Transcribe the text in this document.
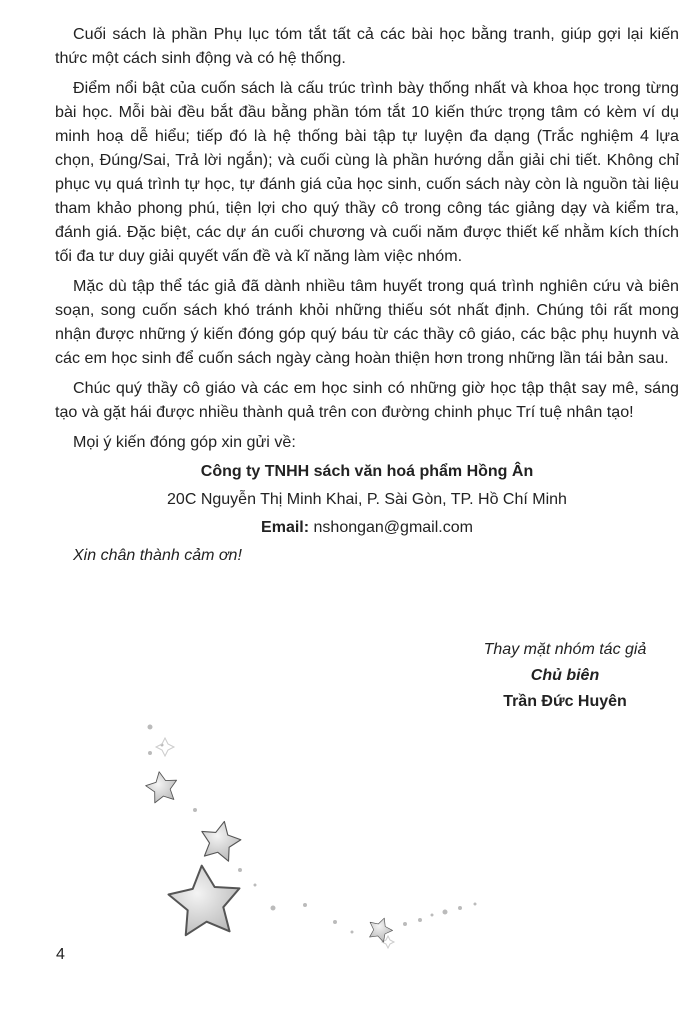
Cuối sách là phần Phụ lục tóm tắt tất cả các bài học bằng tranh, giúp gợi lại kiến thức một cách sinh động và có hệ thống.

Điểm nổi bật của cuốn sách là cấu trúc trình bày thống nhất và khoa học trong từng bài học. Mỗi bài đều bắt đầu bằng phần tóm tắt 10 kiến thức trọng tâm có kèm ví dụ minh hoạ dễ hiểu; tiếp đó là hệ thống bài tập tự luyện đa dạng (Trắc nghiệm 4 lựa chọn, Đúng/Sai, Trả lời ngắn); và cuối cùng là phần hướng dẫn giải chi tiết. Không chỉ phục vụ quá trình tự học, tự đánh giá của học sinh, cuốn sách này còn là nguồn tài liệu tham khảo phong phú, tiện lợi cho quý thầy cô trong công tác giảng dạy và kiểm tra, đánh giá. Đặc biệt, các dự án cuối chương và cuối năm được thiết kế nhằm kích thích tối đa tư duy giải quyết vấn đề và kĩ năng làm việc nhóm.

Mặc dù tập thể tác giả đã dành nhiều tâm huyết trong quá trình nghiên cứu và biên soạn, song cuốn sách khó tránh khỏi những thiếu sót nhất định. Chúng tôi rất mong nhận được những ý kiến đóng góp quý báu từ các thầy cô giáo, các bậc phụ huynh và các em học sinh để cuốn sách ngày càng hoàn thiện hơn trong những lần tái bản sau.

Chúc quý thầy cô giáo và các em học sinh có những giờ học tập thật say mê, sáng tạo và gặt hái được nhiều thành quả trên con đường chinh phục Trí tuệ nhân tạo!

Mọi ý kiến đóng góp xin gửi về:

Công ty TNHH sách văn hoá phẩm Hồng Ân
20C Nguyễn Thị Minh Khai, P. Sài Gòn, TP. Hồ Chí Minh
Email: nshongan@gmail.com
Xin chân thành cảm ơn!
Thay mặt nhóm tác giả
Chủ biên
Trần Đức Huyên
4
